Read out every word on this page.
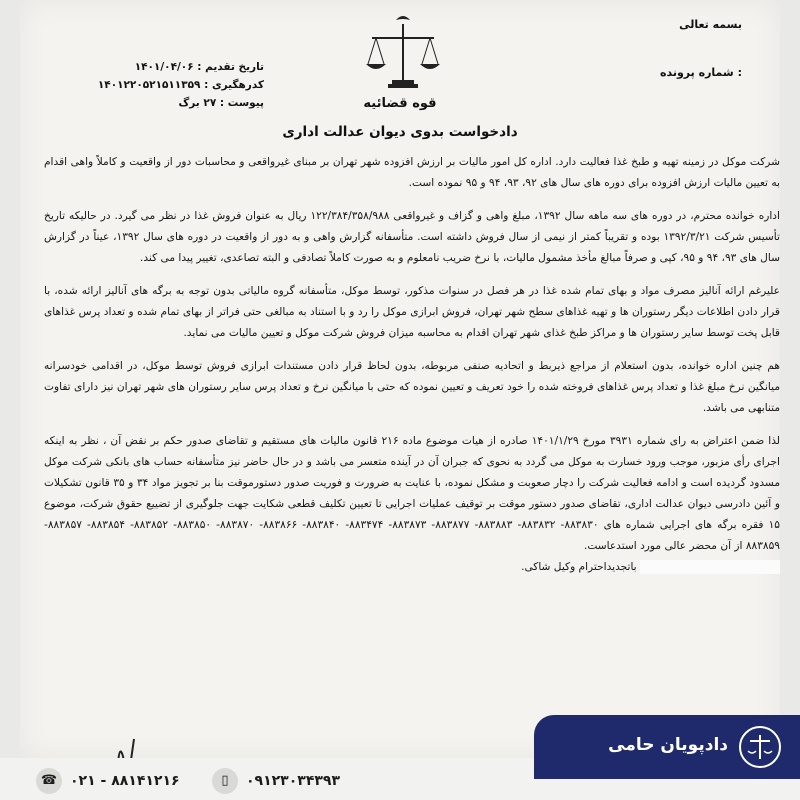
بسمه تعالی
شماره پرونده :
تاریخ تقدیم : ۱۴۰۱/۰۴/۰۶
کدرهگیری : ۱۴۰۱۲۲۰۵۲۱۵۱۱۳۵۹
پیوست : ۲۷ برگ	قوه قضائیه
دادخواست بدوی دیوان عدالت اداری

شرکت موکل در زمینه تهیه و طبخ غذا فعالیت دارد. اداره کل امور مالیات بر ارزش افزوده شهر تهران بر مبنای غیرواقعی و محاسبات دور از واقعیت و کاملاً واهی اقدام به تعیین مالیات ارزش افزوده برای دوره های سال های ۹۲، ۹۳، ۹۴ و ۹۵ نموده است.

اداره خوانده محترم، در دوره های سه ماهه سال ۱۳۹۲، مبلغ واهی و گزاف و غیرواقعی ۱۲۲/۳۸۴/۳۵۸/۹۸۸ ریال به عنوان فروش غذا در نظر می گیرد. در حالیکه تاریخ تأسیس شرکت ۱۳۹۲/۳/۲۱ بوده و تقریباً کمتر از نیمی از سال فروش داشته است. متأسفانه گزارش واهی و به دور از واقعیت در دوره های سال ۱۳۹۲، عیناً در گزارش سال های ۹۳، ۹۴ و ۹۵، کپی و صرفاً مبالغ مأخذ مشمول مالیات، با نرخ ضریب نامعلوم و به صورت کاملاً تصادفی و البته تصاعدی، تغییر پیدا می کند.

علیرغم ارائه آنالیز مصرف مواد و بهای تمام شده غذا در هر فصل در سنوات مذکور، توسط موکل، متأسفانه گروه مالیاتی بدون توجه به برگه های آنالیز ارائه شده، با قرار دادن اطلاعات دیگر رستوران ها و تهیه غذاهای سطح شهر تهران، فروش ابرازی موکل را رد و با استناد به مبالغی حتی فراتر از بهای تمام شده و تعداد پرس غذاهای قابل پخت توسط سایر رستوران ها و مراکز طبخ غذای شهر تهران اقدام به محاسبه میزان فروش شرکت موکل و تعیین مالیات می نماید.

هم چنین اداره خوانده، بدون استعلام از مراجع ذیربط و اتحادیه صنفی مربوطه، بدون لحاظ قرار دادن مستندات ابرازی فروش توسط موکل، در اقدامی خودسرانه میانگین نرخ مبلغ غذا و تعداد پرس غذاهای فروخته شده را خود تعریف و تعیین نموده که حتی با میانگین نرخ و تعداد پرس سایر رستوران های شهر تهران نیز دارای تفاوت متنابهی می باشد.

لذا ضمن اعتراض به رای شماره ۳۹۳۱ مورخ ۱۴۰۱/۱/۲۹ صادره از هیات موضوع ماده ۲۱۶ قانون مالیات های مستقیم و تقاضای صدور حکم بر نقض آن ، نظر به اینکه اجرای رأی مزبور، موجب ورود خسارت به موکل می گردد به نحوی که جبران آن در آینده متعسر می باشد و در حال حاضر نیز متأسفانه حساب های بانکی شرکت موکل مسدود گردیده است و ادامه فعالیت شرکت را دچار صعوبت و مشکل نموده، با عنایت به ضرورت و فوریت صدور دستورموقت بنا بر تجویز مواد ۳۴ و ۳۵ قانون تشکیلات و آئین دادرسی دیوان عدالت اداری، تقاضای صدور دستور موقت بر توقیف عملیات اجرایی تا تعیین تکلیف قطعی شکایت جهت جلوگیری از تضییع حقوق شرکت، موضوع ۱۵ فقره برگه های اجرایی شماره های ۸۸۳۸۳۰- ۸۸۳۸۳۲- ۸۸۳۸۸۳- ۸۸۳۸۷۷- ۸۸۳۸۷۳- ۸۸۳۴۷۴- ۸۸۳۸۴۰- ۸۸۳۸۶۶- ۸۸۳۸۷۰- ۸۸۳۸۵۰- ۸۸۳۸۵۲- ۸۸۳۸۵۴- ۸۸۳۸۵۷- ۸۸۳۸۵۹ از آن محضر عالی مورد استدعاست.

باتجدیداحترام وکیل شاکی.
☎ ۰۲۱ - ۸۸۱۴۱۲۱۶	▯ ۰۹۱۲۳۰۳۴۳۹۳
دادپویان حامی
